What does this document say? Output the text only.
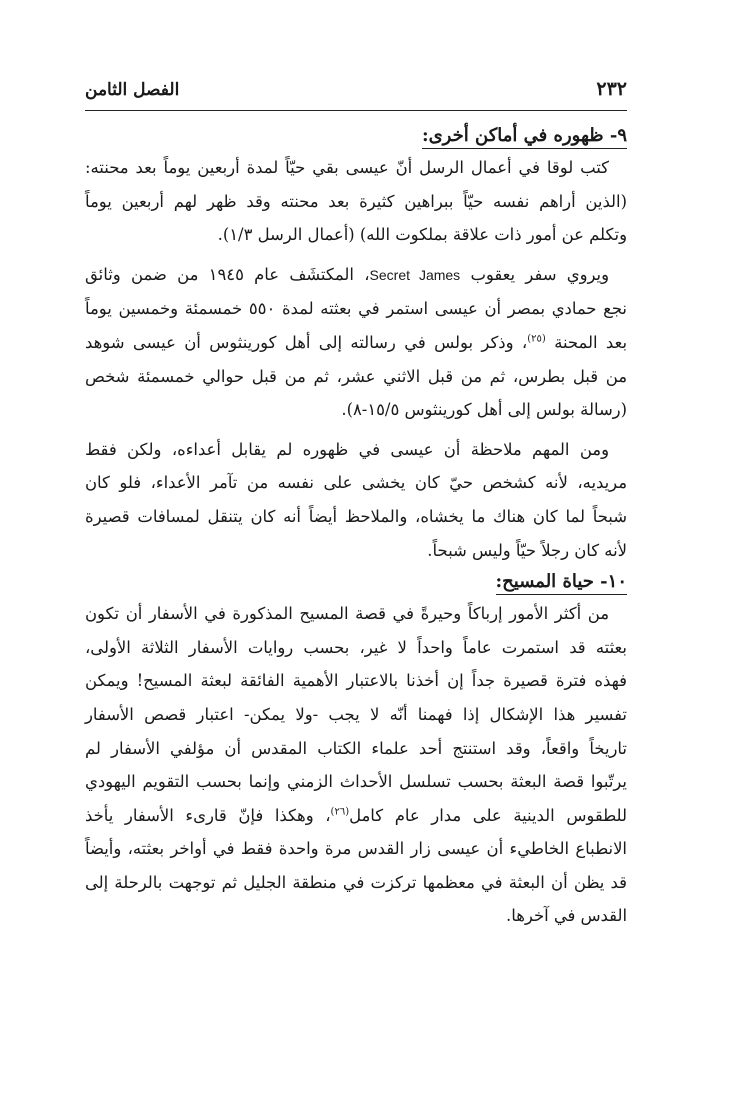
٢٣٢
الفصل الثامن
٩- ظهوره في أماكن أخرى:

كتب لوقا في أعمال الرسل أنّ عيسى بقي حيّاً لمدة أربعين يوماً بعد محنته:
(الذين أراهم نفسه حيّاً ببراهين كثيرة بعد محنته وقد ظهر لهم أربعين يوماً
وتكلم عن أمور ذات علاقة بملكوت الله) (أعمال الرسل ١/٣).

ويروي سفر يعقوب Secret James، المكتشَف عام ١٩٤٥ من ضمن وثائق
نجع حمادي بمصر أن عيسى استمر في بعثته لمدة ٥٥٠ خمسمئة وخمسين يوماً
بعد المحنة $^{(٢٥)}$، وذكر بولس في رسالته إلى أهل كورينثوس أن عيسى شوهد
من قبل بطرس، ثم من قبل الاثني عشر، ثم من قبل حوالي خمسمئة شخص
(رسالة بولس إلى أهل كورينثوس ١٥/٥-٨).

ومن المهم ملاحظة أن عيسى في ظهوره لم يقابل أعداءه، ولكن فقط
مريديه، لأنه كشخص حيّ كان يخشى على نفسه من تآمر الأعداء، فلو كان
شبحاً لما كان هناك ما يخشاه، والملاحظ أيضاً أنه كان يتنقل لمسافات قصيرة
لأنه كان رجلاً حيّاً وليس شبحاً.

١٠- حياة المسيح:

من أكثر الأمور إرباكاً وحيرةً في قصة المسيح المذكورة في الأسفار أن تكون
بعثته قد استمرت عاماً واحداً لا غير، بحسب روايات الأسفار الثلاثة الأولى،
فهذه فترة قصيرة جداً إن أخذنا بالاعتبار الأهمية الفائقة لبعثة المسيح! ويمكن
تفسير هذا الإشكال إذا فهمنا أنّه لا يجب -ولا يمكن- اعتبار قصص الأسفار
تاريخاً واقعاً، وقد استنتج أحد علماء الكتاب المقدس أن مؤلفي الأسفار لم
يرتّبوا قصة البعثة بحسب تسلسل الأحداث الزمني وإنما بحسب التقويم اليهودي
للطقوس الدينية على مدار عام كامل$^{(٢٦)}$، وهكذا فإنّ قارىء الأسفار يأخذ
الانطباع الخاطيء أن عيسى زار القدس مرة واحدة فقط في أواخر بعثته، وأيضاً
قد يظن أن البعثة في معظمها تركزت في منطقة الجليل ثم توجهت بالرحلة إلى
القدس في آخرها.
